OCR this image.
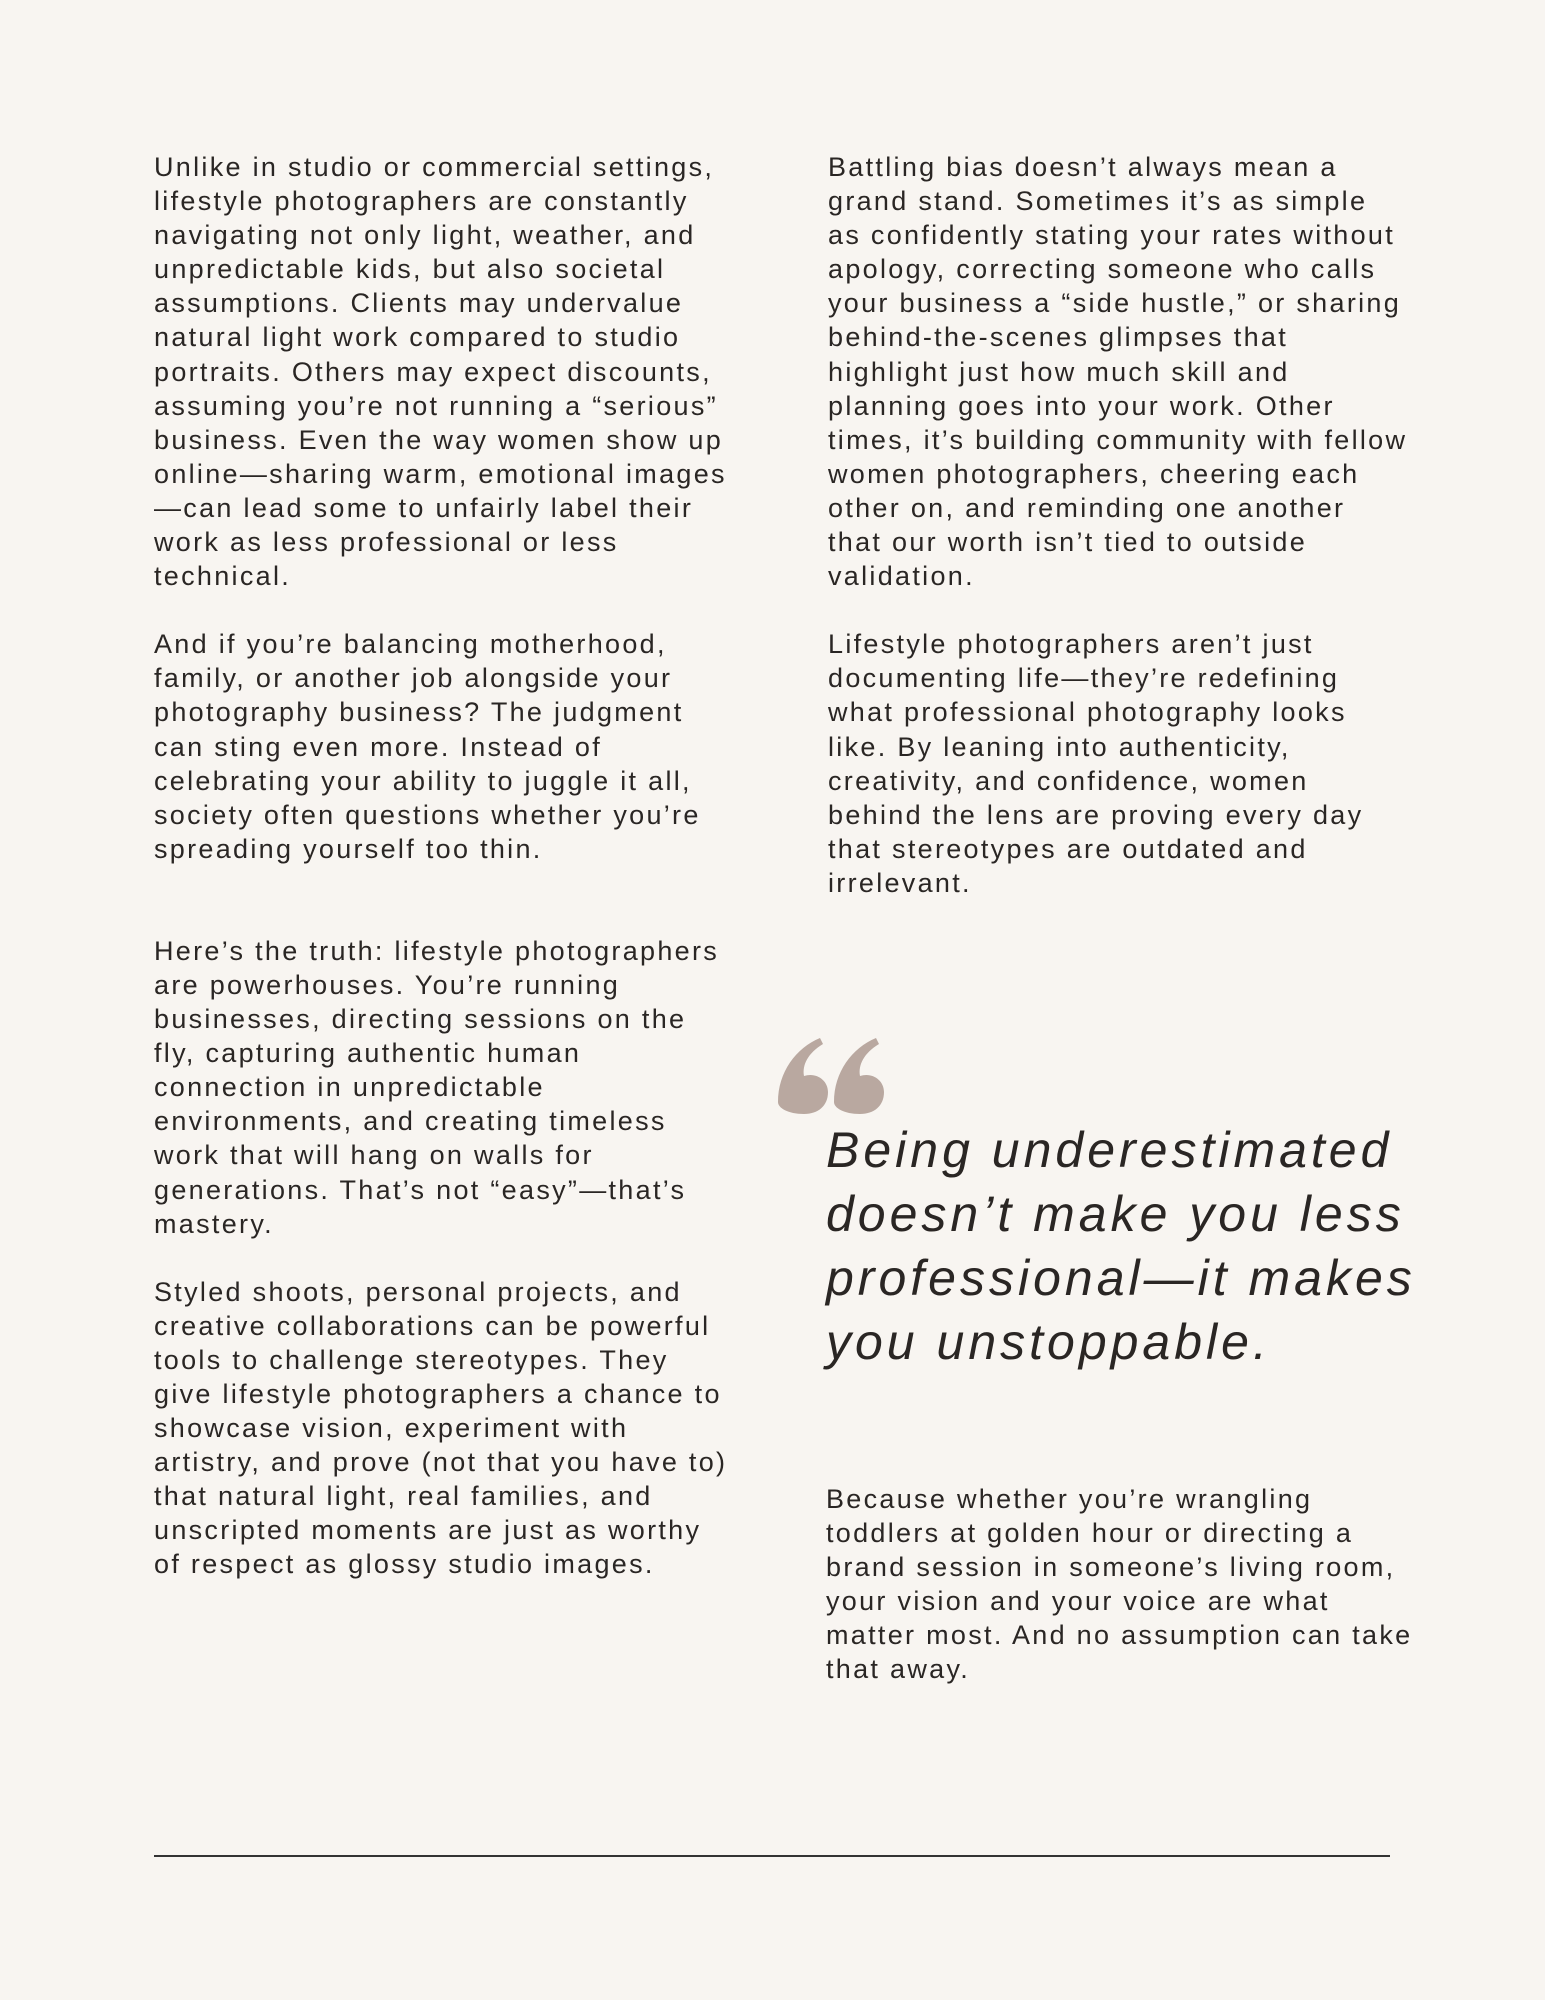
Unlike in studio or commercial settings, lifestyle photographers are constantly navigating not only light, weather, and unpredictable kids, but also societal assumptions. Clients may undervalue natural light work compared to studio portraits. Others may expect discounts, assuming you’re not running a “serious” business. Even the way women show up online—sharing warm, emotional images—can lead some to unfairly label their work as less professional or less technical.

And if you’re balancing motherhood, family, or another job alongside your photography business? The judgment can sting even more. Instead of celebrating your ability to juggle it all, society often questions whether you’re spreading yourself too thin.

Here’s the truth: lifestyle photographers are powerhouses. You’re running businesses, directing sessions on the fly, capturing authentic human connection in unpredictable environments, and creating timeless work that will hang on walls for generations. That’s not “easy”—that’s mastery.

Styled shoots, personal projects, and creative collaborations can be powerful tools to challenge stereotypes. They give lifestyle photographers a chance to showcase vision, experiment with artistry, and prove (not that you have to) that natural light, real families, and unscripted moments are just as worthy of respect as glossy studio images.

Battling bias doesn’t always mean a grand stand. Sometimes it’s as simple as confidently stating your rates without apology, correcting someone who calls your business a “side hustle,” or sharing behind-the-scenes glimpses that highlight just how much skill and planning goes into your work. Other times, it’s building community with fellow women photographers, cheering each other on, and reminding one another that our worth isn’t tied to outside validation.

Lifestyle photographers aren’t just documenting life—they’re redefining what professional photography looks like. By leaning into authenticity, creativity, and confidence, women behind the lens are proving every day that stereotypes are outdated and irrelevant.

Being underestimated doesn’t make you less professional—it makes you unstoppable.

Because whether you’re wrangling toddlers at golden hour or directing a brand session in someone’s living room, your vision and your voice are what matter most. And no assumption can take that away.
